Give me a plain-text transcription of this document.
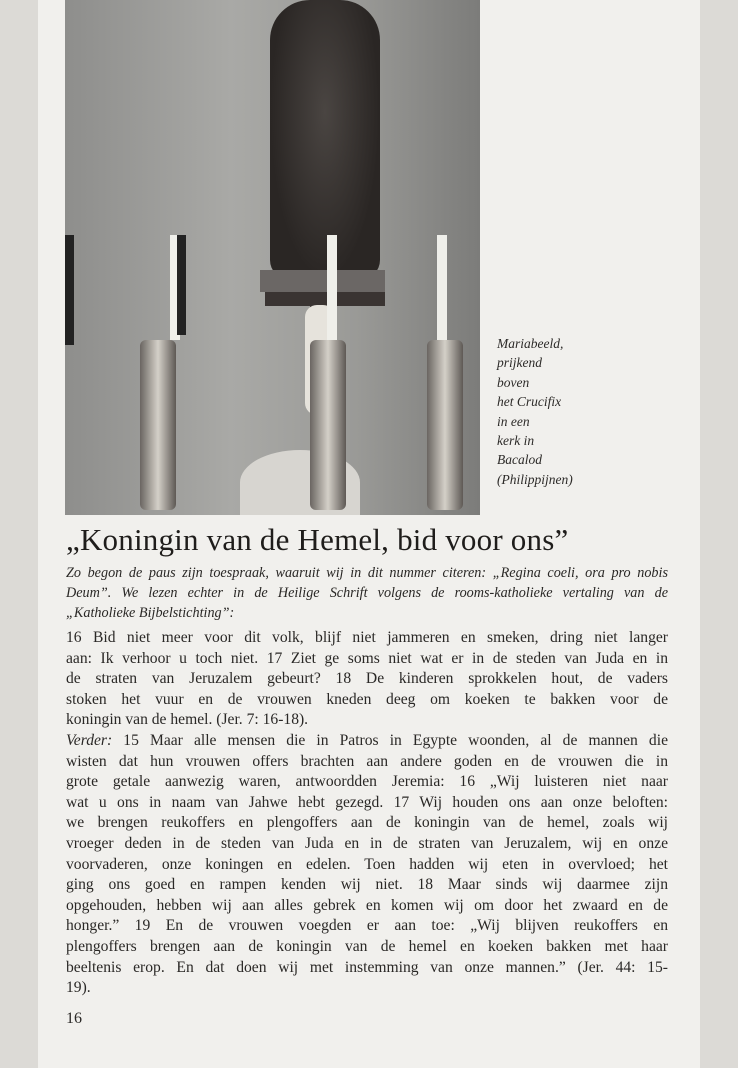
Mariabeeld,
prijkend
boven
het Crucifix
in een
kerk in
Bacalod
(Philippijnen)
„Koningin van de Hemel, bid voor ons”
Zo begon de paus zijn toespraak, waaruit wij in dit nummer citeren: „Regina coeli, ora pro nobis
Deum”. We lezen echter in de Heilige Schrift volgens de rooms-katholieke vertaling van de
„Katholieke Bijbelstichting”:
16 Bid niet meer voor dit volk, blijf niet jammeren en smeken, dring niet langer
aan: Ik verhoor u toch niet. 17 Ziet ge soms niet wat er in de steden van Juda en in
de straten van Jeruzalem gebeurt? 18 De kinderen sprokkelen hout, de vaders
stoken het vuur en de vrouwen kneden deeg om koeken te bakken voor de
koningin van de hemel. (Jer. 7: 16-18).
Verder: 15 Maar alle mensen die in Patros in Egypte woonden, al de mannen die
wisten dat hun vrouwen offers brachten aan andere goden en de vrouwen die in
grote getale aanwezig waren, antwoordden Jeremia: 16 „Wij luisteren niet naar
wat u ons in naam van Jahwe hebt gezegd. 17 Wij houden ons aan onze beloften:
we brengen reukoffers en plengoffers aan de koningin van de hemel, zoals wij
vroeger deden in de steden van Juda en in de straten van Jeruzalem, wij en onze
voorvaderen, onze koningen en edelen. Toen hadden wij eten in overvloed; het
ging ons goed en rampen kenden wij niet. 18 Maar sinds wij daarmee zijn
opgehouden, hebben wij aan alles gebrek en komen wij om door het zwaard en de
honger.” 19 En de vrouwen voegden er aan toe: „Wij blijven reukoffers en
plengoffers brengen aan de koningin van de hemel en koeken bakken met haar
beeltenis erop. En dat doen wij met instemming van onze mannen.” (Jer. 44: 15-
19).
16
